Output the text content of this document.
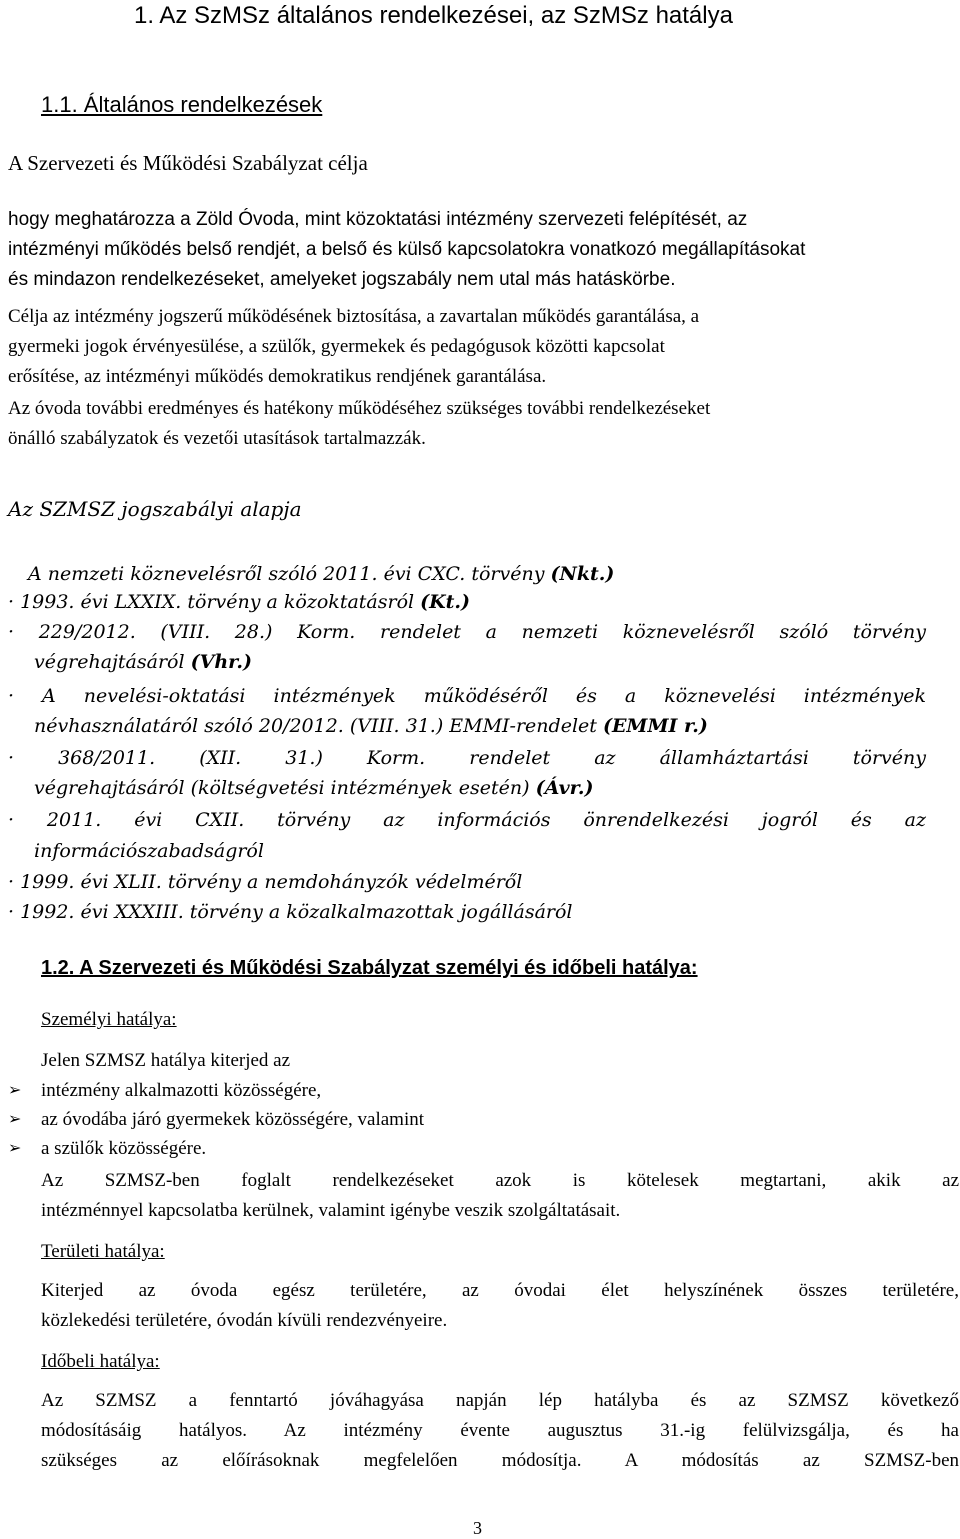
1. Az SzMSz általános rendelkezései, az SzMSz hatálya
1.1. Általános rendelkezések
A Szervezeti és Működési Szabályzat célja
hogy meghatározza a Zöld Óvoda, mint közoktatási intézmény szervezeti felépítését, az
intézményi működés belső rendjét, a belső és külső kapcsolatokra vonatkozó megállapításokat
és mindazon rendelkezéseket, amelyeket jogszabály nem utal más hatáskörbe.
Célja az intézmény jogszerű működésének biztosítása, a zavartalan működés garantálása, a
gyermeki jogok érvényesülése, a szülők, gyermekek és pedagógusok közötti kapcsolat
erősítése, az intézményi működés demokratikus rendjének garantálása.
Az óvoda további eredményes és hatékony működéséhez szükséges további rendelkezéseket
önálló szabályzatok és vezetői utasítások tartalmazzák.
Az SZMSZ jogszabályi alapja
A nemzeti köznevelésről szóló 2011. évi CXC. törvény (Nkt.)
· 1993. évi LXXIX. törvény a közoktatásról (Kt.)
· 229/2012. (VIII. 28.) Korm. rendelet a nemzeti köznevelésről szóló törvény
végrehajtásáról (Vhr.)
· A nevelési-oktatási intézmények működéséről és a köznevelési intézmények
névhasználatáról szóló 20/2012. (VIII. 31.) EMMI-rendelet (EMMI r.)
· 368/2011. (XII. 31.) Korm. rendelet az államháztartási törvény
végrehajtásáról (költségvetési intézmények esetén) (Ávr.)
· 2011. évi CXII. törvény az információs önrendelkezési jogról és az
információszabadságról
· 1999. évi XLII. törvény a nemdohányzók védelméről
· 1992. évi XXXIII. törvény a közalkalmazottak jogállásáról
1.2. A Szervezeti és Működési Szabályzat személyi és időbeli hatálya:
Személyi hatálya:
Jelen SZMSZ hatálya kiterjed az
➢	intézmény alkalmazotti közösségére,
➢	az óvodába járó gyermekek közösségére, valamint
➢	a szülők közösségére.
Az SZMSZ-ben foglalt rendelkezéseket azok is kötelesek megtartani, akik az
intézménnyel kapcsolatba kerülnek, valamint igénybe veszik szolgáltatásait.
Területi hatálya:
Kiterjed az óvoda egész területére, az óvodai élet helyszínének összes területére,
közlekedési területére, óvodán kívüli rendezvényeire.
Időbeli hatálya:
Az SZMSZ a fenntartó jóváhagyása napján lép hatályba és az SZMSZ következő
módosításáig hatályos. Az intézmény évente augusztus 31.-ig felülvizsgálja, és ha
szükséges az előírásoknak megfelelően módosítja. A módosítás az SZMSZ-ben
3
